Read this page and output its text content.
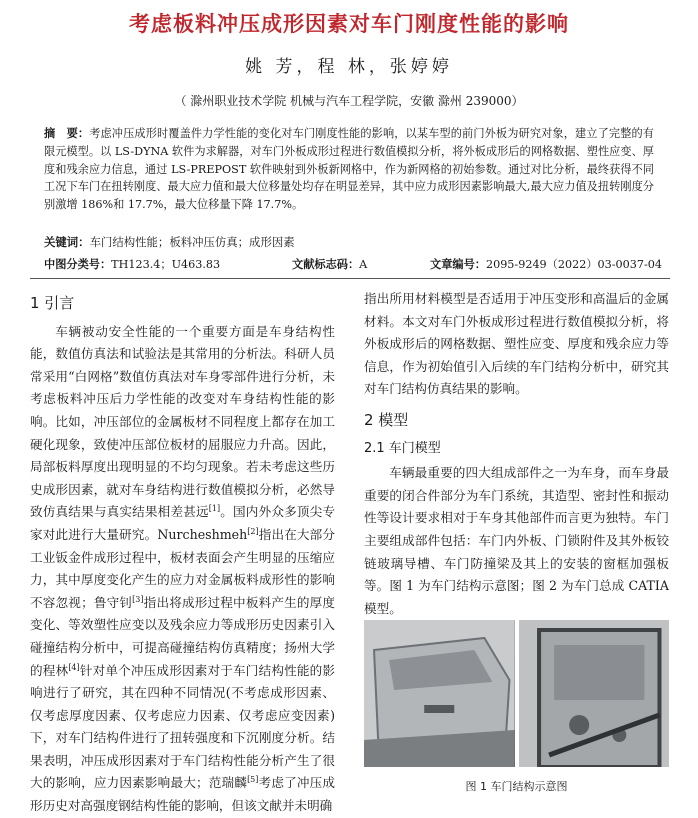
考虑板料冲压成形因素对车门刚度性能的影响
姚 芳，程 林，张婷婷
（ 滁州职业技术学院 机械与汽车工程学院，安徽 滁州 239000）
摘　要：考虑冲压成形时覆盖件力学性能的变化对车门刚度性能的影响，以某车型的前门外板为研究对象，建立了完整的有限元模型。以 LS-DYNA 软件为求解器，对车门外板成形过程进行数值模拟分析，将外板成形后的网格数据、塑性应变、厚度和残余应力信息，通过 LS-PREPOST 软件映射到外板新网格中，作为新网格的初始参数。通过对比分析，最终获得不同工况下车门在扭转刚度、最大应力值和最大位移量处均存在明显差异，其中应力成形因素影响最大,最大应力值及扭转刚度分别激增 186%和 17.7%，最大位移量下降 17.7%。
关键词：车门结构性能；板料冲压仿真；成形因素
中图分类号：TH123.4；U463.83	文献标志码：A	文章编号：2095-9249（2022）03-0037-04
1 引言

车辆被动安全性能的一个重要方面是车身结构性能，数值仿真法和试验法是其常用的分析法。科研人员常采用“白网格”数值仿真法对车身零部件进行分析，未考虑板料冲压后力学性能的改变对车身结构性能的影响。比如，冲压部位的金属板材不同程度上都存在加工硬化现象，致使冲压部位板材的屈服应力升高。因此，局部板料厚度出现明显的不均匀现象。若未考虑这些历史成形因素，就对车身结构进行数值模拟分析，必然导致仿真结果与真实结果相差甚远[1]。国内外众多顶尖专家对此进行大量研究。Nurcheshmeh[2]指出在大部分工业钣金件成形过程中，板材表面会产生明显的压缩应力，其中厚度变化产生的应力对金属板料成形性的影响不容忽视；鲁守钊[3]指出将成形过程中板料产生的厚度变化、等效塑性应变以及残余应力等成形历史因素引入碰撞结构分析中，可提高碰撞结构仿真精度；扬州大学的程林[4]针对单个冲压成形因素对于车门结构性能的影响进行了研究，其在四种不同情况(不考虑成形因素、仅考虑厚度因素、仅考虑应力因素、仅考虑应变因素)下，对车门结构件进行了扭转强度和下沉刚度分析。结果表明，冲压成形因素对于车门结构性能分析产生了很大的影响，应力因素影响最大；范瑞麟[5]考虑了冲压成形历史对高强度钢结构性能的影响，但该文献并未明确

指出所用材料模型是否适用于冲压变形和高温后的金属材料。本文对车门外板成形过程进行数值模拟分析，将外板成形后的网格数据、塑性应变、厚度和残余应力等信息，作为初始值引入后续的车门结构分析中，研究其对车门结构仿真结果的影响。

2 模型
2.1 车门模型

车辆最重要的四大组成部件之一为车身，而车身最重要的闭合件部分为车门系统，其造型、密封性和振动性等设计要求相对于车身其他部件而言更为独特。车门主要组成部件包括：车门内外板、门锁附件及其外板铰链玻璃导槽、车门防撞梁及其上的安装的窗框加强板等。图 1 为车门结构示意图；图 2 为车门总成 CATIA 模型。

图 1 车门结构示意图
